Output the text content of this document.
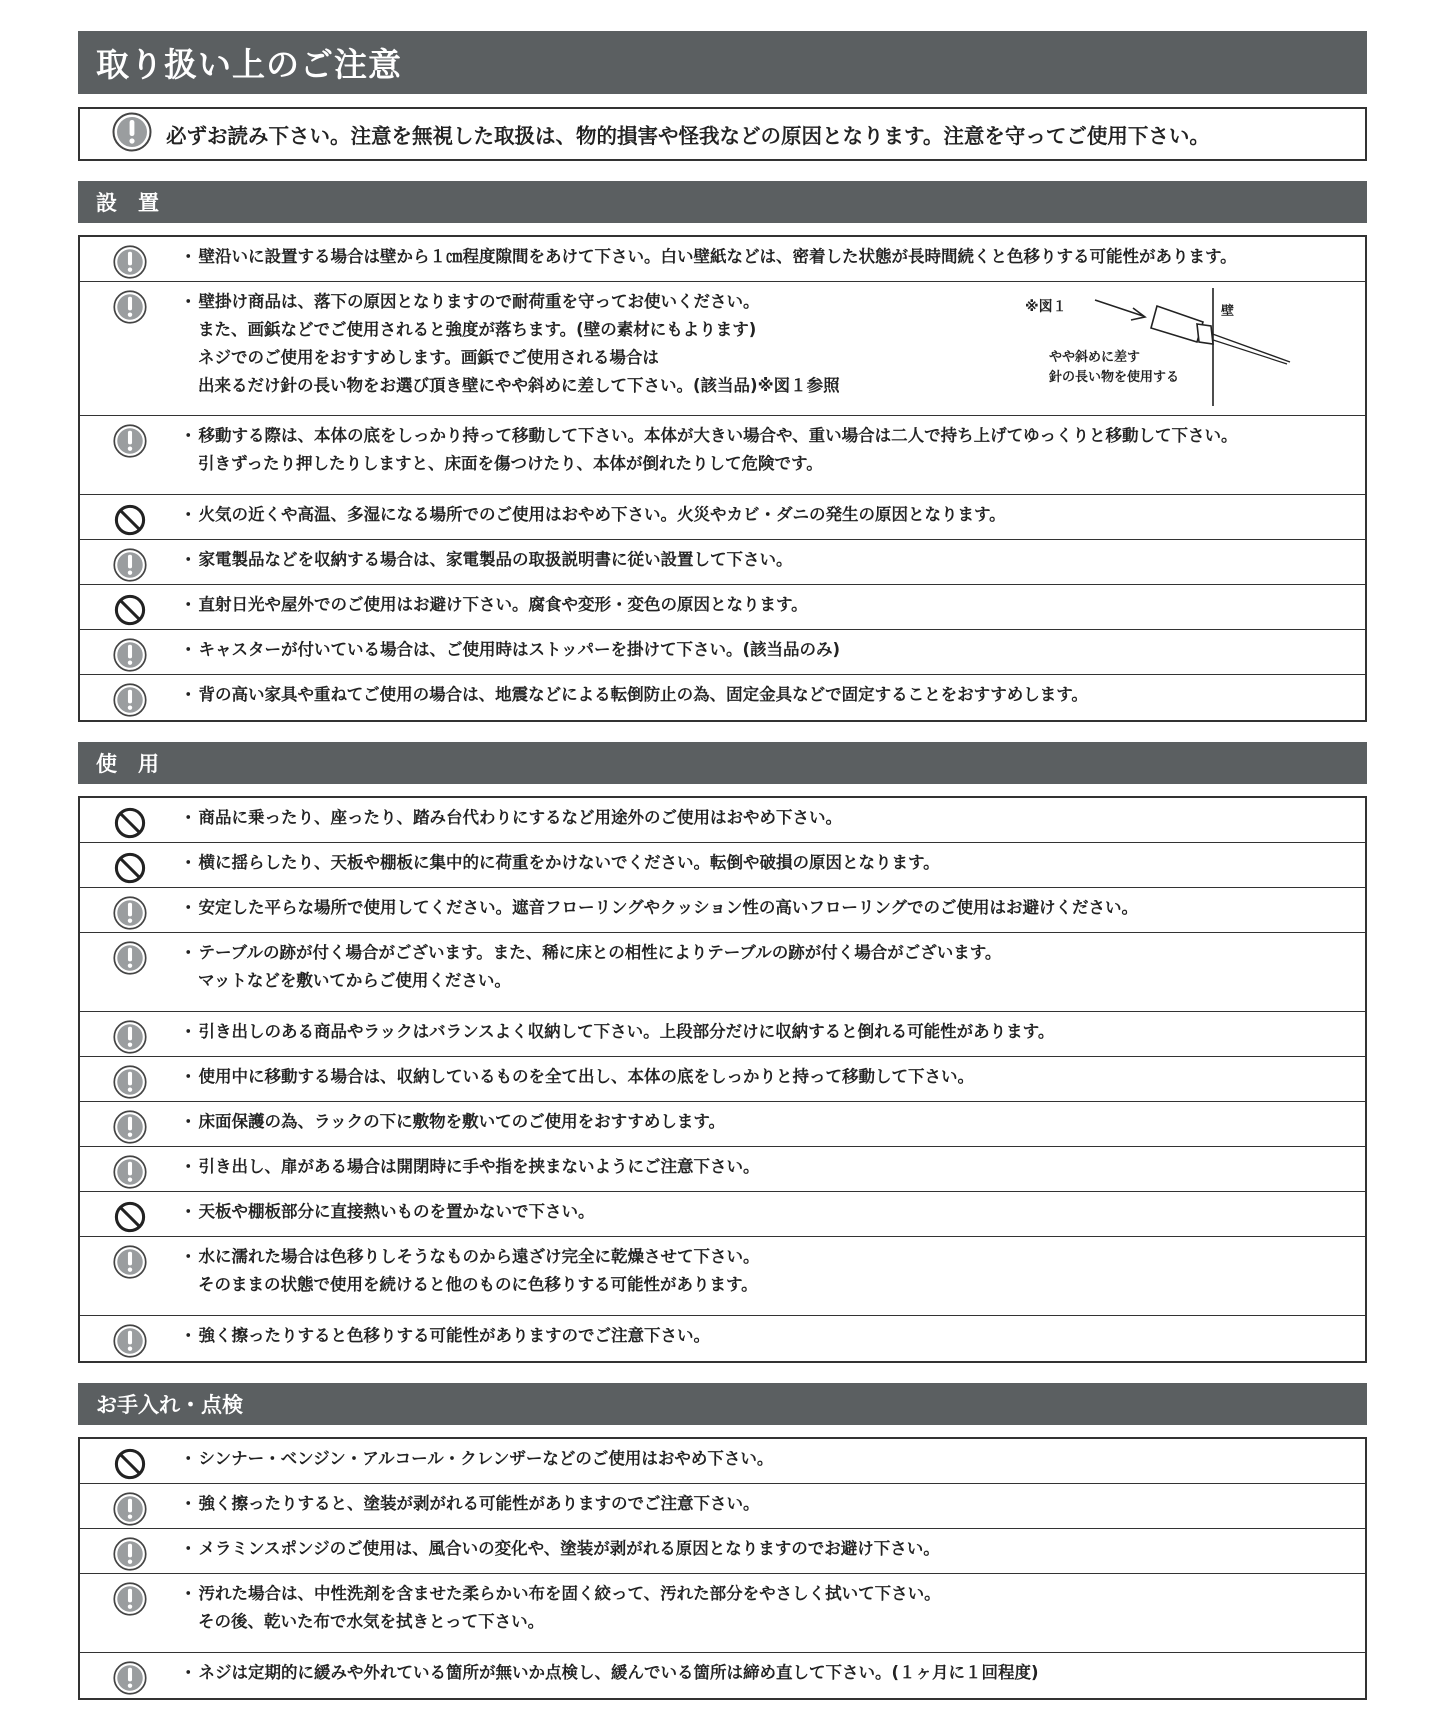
取り扱い上のご注意
必ずお読み下さい。注意を無視した取扱は、物的損害や怪我などの原因となります。注意を守ってご使用下さい。
設　置
・ 壁沿いに設置する場合は壁から１㎝程度隙間をあけて下さい。白い壁紙などは、密着した状態が長時間続くと色移りする可能性があります。
・ 壁掛け商品は、落下の原因となりますので耐荷重を守ってお使いください。
また、画鋲などでご使用されると強度が落ちます。(壁の素材にもよります)
ネジでのご使用をおすすめします。画鋲でご使用される場合は
出来るだけ針の長い物をお選び頂き壁にやや斜めに差して下さい。(該当品)※図１参照
※図１	壁
やや斜めに差す
針の長い物を使用する
・ 移動する際は、本体の底をしっかり持って移動して下さい。本体が大きい場合や、重い場合は二人で持ち上げてゆっくりと移動して下さい。
引きずったり押したりしますと、床面を傷つけたり、本体が倒れたりして危険です。
・ 火気の近くや高温、多湿になる場所でのご使用はおやめ下さい。火災やカビ・ダニの発生の原因となります。
・ 家電製品などを収納する場合は、家電製品の取扱説明書に従い設置して下さい。
・ 直射日光や屋外でのご使用はお避け下さい。腐食や変形・変色の原因となります。
・ キャスターが付いている場合は、ご使用時はストッパーを掛けて下さい。(該当品のみ)
・ 背の高い家具や重ねてご使用の場合は、地震などによる転倒防止の為、固定金具などで固定することをおすすめします。
使　用
・ 商品に乗ったり、座ったり、踏み台代わりにするなど用途外のご使用はおやめ下さい。
・ 横に揺らしたり、天板や棚板に集中的に荷重をかけないでください。転倒や破損の原因となります。
・ 安定した平らな場所で使用してください。遮音フローリングやクッション性の高いフローリングでのご使用はお避けください。
・ テーブルの跡が付く場合がございます。また、稀に床との相性によりテーブルの跡が付く場合がございます。
マットなどを敷いてからご使用ください。
・ 引き出しのある商品やラックはバランスよく収納して下さい。上段部分だけに収納すると倒れる可能性があります。
・ 使用中に移動する場合は、収納しているものを全て出し、本体の底をしっかりと持って移動して下さい。
・ 床面保護の為、ラックの下に敷物を敷いてのご使用をおすすめします。
・ 引き出し、扉がある場合は開閉時に手や指を挟まないようにご注意下さい。
・ 天板や棚板部分に直接熱いものを置かないで下さい。
・ 水に濡れた場合は色移りしそうなものから遠ざけ完全に乾燥させて下さい。
そのままの状態で使用を続けると他のものに色移りする可能性があります。
・ 強く擦ったりすると色移りする可能性がありますのでご注意下さい。
お手入れ・点検
・ シンナー・ベンジン・アルコール・クレンザーなどのご使用はおやめ下さい。
・ 強く擦ったりすると、塗装が剥がれる可能性がありますのでご注意下さい。
・ メラミンスポンジのご使用は、風合いの変化や、塗装が剥がれる原因となりますのでお避け下さい。
・ 汚れた場合は、中性洗剤を含ませた柔らかい布を固く絞って、汚れた部分をやさしく拭いて下さい。
その後、乾いた布で水気を拭きとって下さい。
・ ネジは定期的に緩みや外れている箇所が無いか点検し、緩んでいる箇所は締め直して下さい。(１ヶ月に１回程度)
